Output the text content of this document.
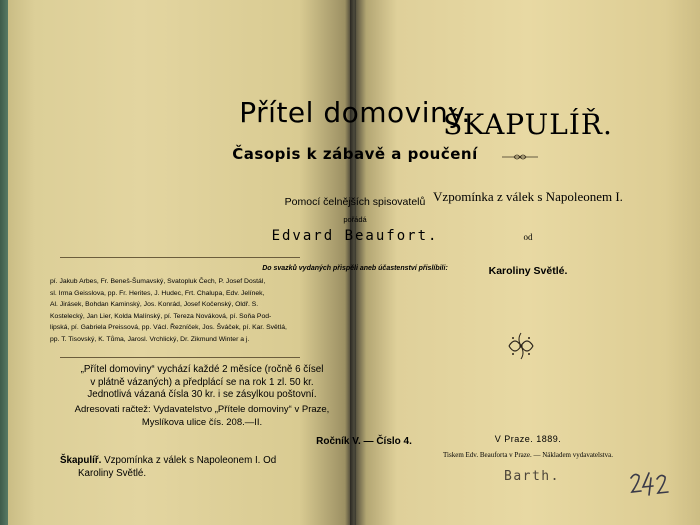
Přítel domoviny.
Časopis k zábavě a poučení
Pomocí čelnějších spisovatelů
pořádá
Edvard Beaufort.
Do svazků vydaných přispěli aneb účastenství přislíbili:
pí. Jakub Arbes, Fr. Beneš-Šumavský, Svatopluk Čech, P. Josef Dostál,
sl. Irma Geisslova, pp. Fr. Herites, J. Hudec, Frt. Chalupa, Edv. Jelínek,
Al. Jirásek, Bohdan Kaminský, Jos. Konrád, Josef Kočenský, Oldř. S.
Kostelecký, Jan Lier, Kolda Malínský, pí. Tereza Nováková, pí. Soňa Pod-
lipská, pí. Gabriela Preissová, pp. Václ. Řezníček, Jos. Šváček, pí. Kar. Světlá,
pp. T. Tisovský, K. Tůma, Jarosl. Vrchlický, Dr. Zikmund Winter a j.
„Přítel domoviny“ vychází každé 2 měsíce (ročně 6 čísel
v plátně vázaných) a předplácí se na rok 1 zl. 50 kr.
Jednotlivá vázaná čísla 30 kr. i se zásylkou poštovní.
Adresovati račtež: Vydavatelstvo „Přítele domoviny“ v Praze,
Myslíkova ulice čís. 208.—II.
Ročník V. — Číslo 4.
Škapulíř. Vzpomínka z válek s Napoleonem I. Od
Karoliny Světlé.
ŠKAPULÍŘ.
Vzpomínka z válek s Napoleonem I.
od
Karoliny Světlé.
V Praze. 1889.
Tiskem Edv. Beauforta v Praze. — Nákladem vydavatelstva.
Barth.
